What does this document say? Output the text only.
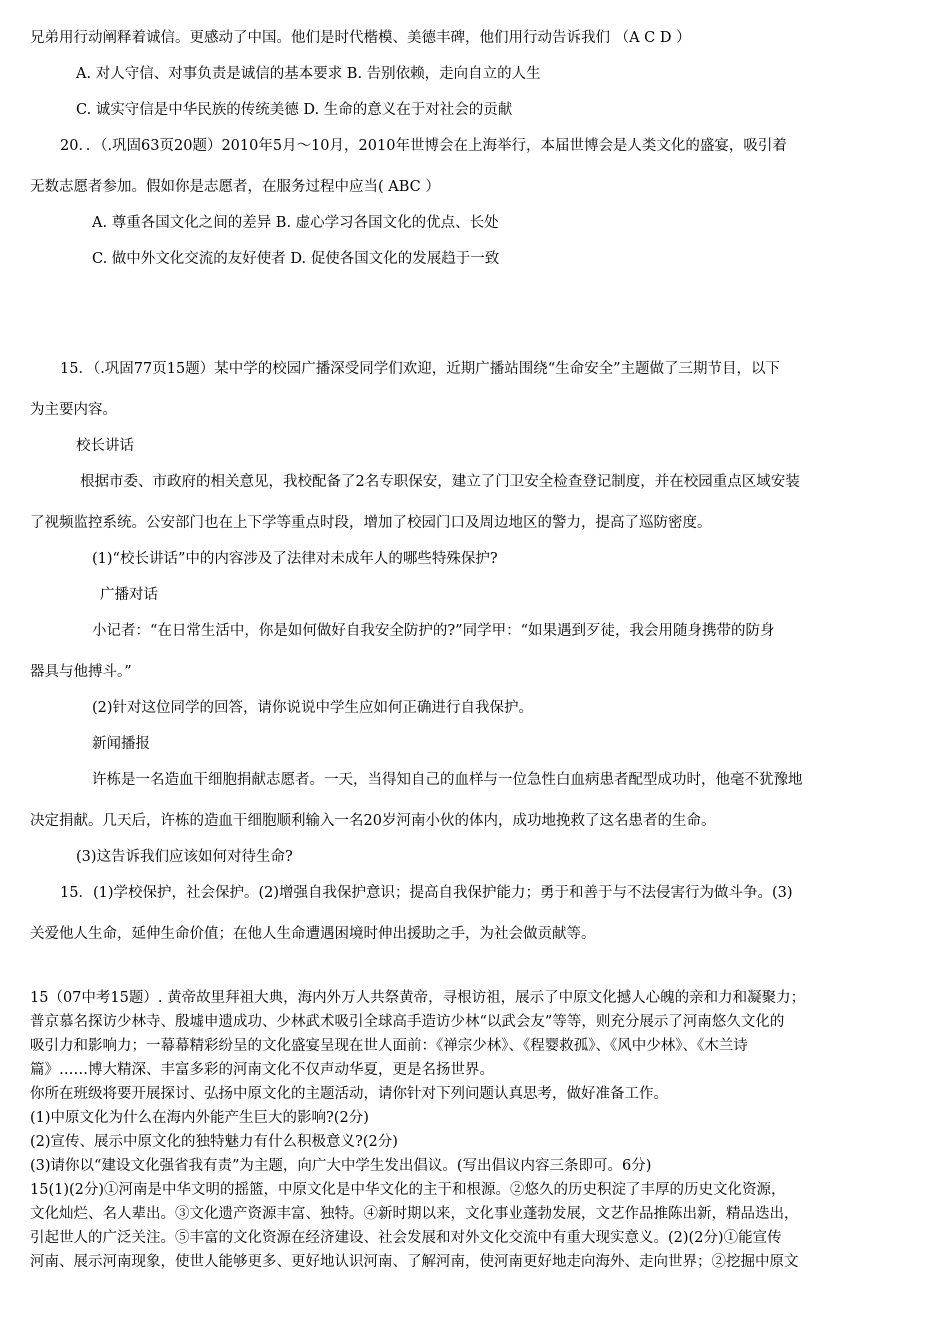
兄弟用行动阐释着诚信。更感动了中国。他们是时代楷模、美德丰碑，他们用行动告诉我们 （A C D ）

A. 对人守信、对事负责是诚信的基本要求 B. 告别依赖，走向自立的人生

C. 诚实守信是中华民族的传统美德 D. 生命的意义在于对社会的贡献

20．．（.巩固63页20题）2010年5月～10月，2010年世博会在上海举行，本届世博会是人类文化的盛宴，吸引着

无数志愿者参加。假如你是志愿者，在服务过程中应当( ABC ）

A. 尊重各国文化之间的差异 B. 虚心学习各国文化的优点、长处

C. 做中外文化交流的友好使者 D. 促使各国文化的发展趋于一致

15．（.巩固77页15题）某中学的校园广播深受同学们欢迎，近期广播站围绕“生命安全”主题做了三期节目，以下

为主要内容。

校长讲话

根据市委、市政府的相关意见，我校配备了2名专职保安，建立了门卫安全检查登记制度，并在校园重点区域安装

了视频监控系统。公安部门也在上下学等重点时段，增加了校园门口及周边地区的警力，提高了巡防密度。

(1)“校长讲话”中的内容涉及了法律对未成年人的哪些特殊保护?

广播对话

小记者：“在日常生活中，你是如何做好自我安全防护的?”同学甲：“如果遇到歹徒，我会用随身携带的防身

器具与他搏斗。”

(2)针对这位同学的回答，请你说说中学生应如何正确进行自我保护。

新闻播报

许栋是一名造血干细胞捐献志愿者。一天，当得知自己的血样与一位急性白血病患者配型成功时，他毫不犹豫地

决定捐献。几天后，许栋的造血干细胞顺利输入一名20岁河南小伙的体内，成功地挽救了这名患者的生命。

(3)这告诉我们应该如何对待生命?

15．(1)学校保护，社会保护。(2)增强自我保护意识；提高自我保护能力；勇于和善于与不法侵害行为做斗争。(3)

关爱他人生命，延伸生命价值；在他人生命遭遇困境时伸出援助之手，为社会做贡献等。

15（07中考15题）. 黄帝故里拜祖大典，海内外万人共祭黄帝，寻根访祖，展示了中原文化撼人心魄的亲和力和凝聚力；

普京慕名探访少林寺、殷墟申遗成功、少林武术吸引全球高手造访少林“以武会友”等等，则充分展示了河南悠久文化的

吸引力和影响力；一幕幕精彩纷呈的文化盛宴呈现在世人面前：《禅宗少林》、《程婴救孤》、《风中少林》、《木兰诗

篇》……博大精深、丰富多彩的河南文化不仅声动华夏，更是名扬世界。

你所在班级将要开展探讨、弘扬中原文化的主题活动，请你针对下列问题认真思考，做好准备工作。

(1)中原文化为什么在海内外能产生巨大的影响?(2分)

(2)宣传、展示中原文化的独特魅力有什么积极意义?(2分)

(3)请你以“建设文化强省我有责”为主题，向广大中学生发出倡议。(写出倡议内容三条即可。6分)

15(1)(2分)①河南是中华文明的摇篮，中原文化是中华文化的主干和根源。②悠久的历史积淀了丰厚的历史文化资源，

文化灿烂、名人辈出。③文化遗产资源丰富、独特。④新时期以来，文化事业蓬勃发展，文艺作品推陈出新，精品迭出，

引起世人的广泛关注。⑤丰富的文化资源在经济建设、社会发展和对外文化交流中有重大现实意义。(2)(2分)①能宣传

河南、展示河南现象，使世人能够更多、更好地认识河南、了解河南，使河南更好地走向海外、走向世界；②挖掘中原文
